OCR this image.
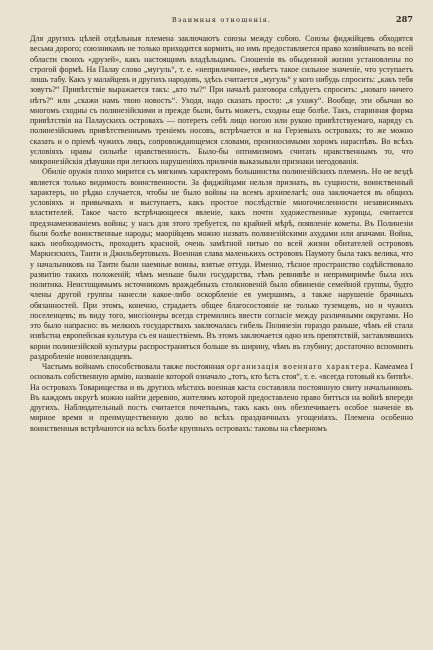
Взаимныя отношенія.	287

Для другихъ цѣлей отдѣльныя племена заключаютъ союзы между собою. Союзы фиджійцевъ обходятся весьма дорого; союзникамъ не только приходится кормить, но имъ предоставляется право хозяйничать во всей области своихъ «друзей», какъ настоящимъ владѣльцамъ. Сношенія въ обыденной жизни установлены по строгой формѣ. На Палау слово „мугуль“, т. е. «неприличное», имѣетъ такое сильное значеніе, что уступаетъ лишь табу. Какъ у малайцевъ и другихъ народовъ, здѣсь считается „мугуль“ у кого нибудь спросить: „какъ тебя зовутъ?“ Привѣтствіе выражается такъ: „кто ты?“ При началѣ разговора слѣдуетъ спросить: „новаго ничего нѣтъ?“ или „скажи намъ твою новость“. Уходя, надо сказать просто: „я ухожу“. Вообще, эти обычаи во многомъ сходны съ полинезійскими и прежде были, быть можетъ, сходны еще болѣе. Такъ, старинная форма привѣтствія на Палаускихъ островахъ — потереть себѣ лицо ногою или рукою привѣтствуемаго, наряду съ полинезійскимъ привѣтственнымъ треніемъ носовъ, встрѣчается и на Герзевыхъ островахъ; то же можно сказать и о пріемѣ чужихъ лицъ, сопровождающемся словами, произносимыми хоромъ нараспѣвъ. Во всѣхъ условіяхъ нравы сильнѣе нравственность. Было-бы оптимизмомъ считать нравственнымъ то, что микронезійскія дѣвушки при легкихъ нарушеніяхъ приличія выказывали признаки негодованія.

Обиліе оружія плохо мирится съ мягкимъ характеромъ большинства полинезійскихъ племенъ. Но не вездѣ является только видимость воинственности. За фиджійцами нельзя признать, въ сущности, воинственный характеръ, но рѣдко случается, чтобы не было войны на всемъ архипелагѣ; она заключается въ общихъ условіяхъ и привычкахъ и выступаетъ, какъ простое послѣдствіе многочисленности независимыхъ властителей. Такое часто встрѣчающееся явленіе, какъ почти художественные курицы, считается предзнаменованіемъ войны; у насъ для этого требуется, по крайней мѣрѣ, появленіе кометы. Въ Полинезіи были болѣе воинственные народы; маорійцевъ можно назвать полинезійскими ахудами или апачами. Война, какъ необходимость, проходитъ красной, очень замѣтной нитью по всей жизни обитателей острововъ Маркизскихъ, Таити и Джильбертовыхъ. Военная слава маленькихъ острововъ Паумоту была такъ велика, что у начальниковъ на Таити были наемные воины, взятые оттуда. Именно, тѣсное пространство содѣйствовало развитію такихъ положеній; чѣмъ меньше были государства, тѣмъ ревнивѣе и непримиримѣе была ихъ политика. Неистощимымъ источникомъ враждебныхъ столкновеній было обвиненіе семейной группы, будто члены другой группы нанесли какое-либо оскорбленіе ея умершимъ, а также нарушеніе брачныхъ обязанностей. При этомъ, конечно, страдаетъ общее благосостояніе не только туземцевъ, но и чужихъ поселенцевъ; въ виду того, миссіонеры всегда стремились ввести согласіе между различными округами. Но это было напрасно: въ мелкихъ государствахъ заключалась гибель Полинезіи гораздо раньше, чѣмъ ей стала извѣстна европейская культура съ ея нашествіемъ. Въ этомъ заключается одно изъ препятствій, заставлявшихъ корни полинезійской культуры распространяться больше въ ширину, чѣмъ въ глубину; достаточно вспомнить раздробленіе новозеландцевъ.

Частымъ войнамъ способствовала также постоянная организація военнаго характера. Камеамеа I основалъ собственную армію, названіе которой означало „тотъ, кто ѣстъ стоя“, т. е. «всегда готовый къ битвѣ». На островахъ Товарищества и въ другихъ мѣстахъ военная каста составляла постоянную свиту начальниковъ. Въ каждомъ округѣ можно найти деревню, жителямъ которой предоставлено право битться на войнѣ впереди другихъ. Наблюдательный постъ считается почетнымъ, такъ какъ онъ обезпечиваетъ особое значеніе въ мирное время и преимущественную долю во всѣхъ праздничныхъ угощеніяхъ. Племена особенно воинственныя встрѣчаются на всѣхъ болѣе крупныхъ островахъ: таковы на сѣверномъ
